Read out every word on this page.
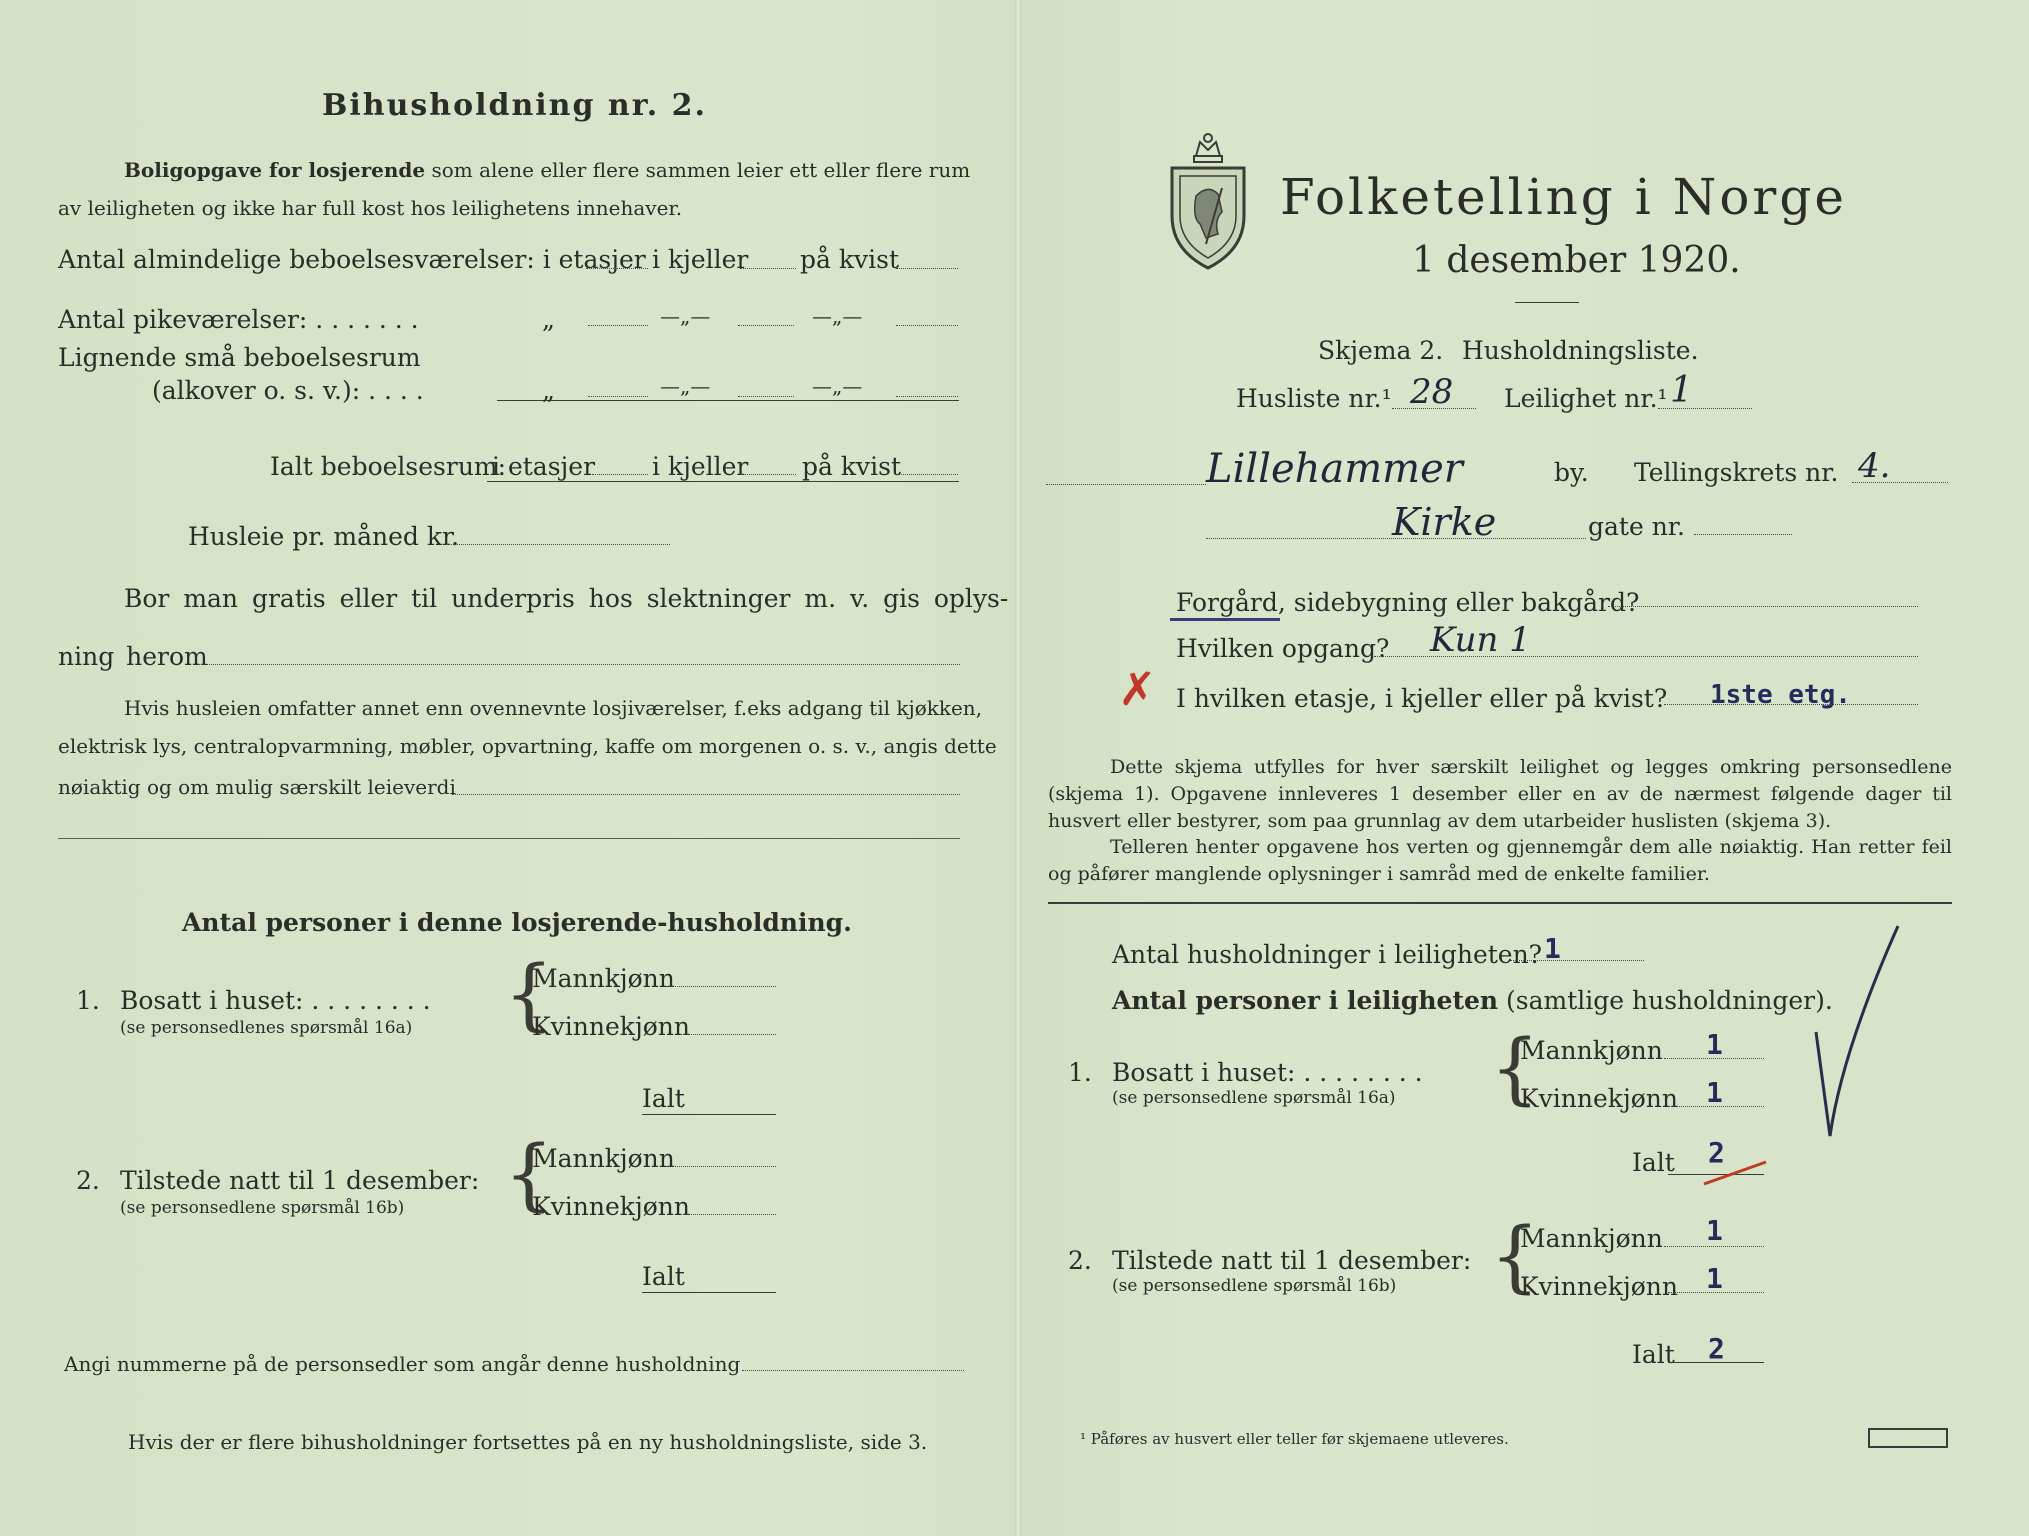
Bihusholdning nr. 2.
Boligopgave for losjerende som alene eller flere sammen leier ett eller flere rum
av leiligheten og ikke har full kost hos leilighetens innehaver.
Antal almindelige beboelsesværelser: i etasjer i kjeller på kvist
Antal pikeværelser: . . . . . . .	„	—„—	—„—
Lignende små beboelsesrum
(alkover o. s. v.): . . . .	„	—„—	—„—
Ialt beboelsesrum:
i etasjer i kjeller på kvist
Husleie pr. måned kr.
Bor man gratis eller til underpris hos slektninger m. v. gis oplys-
ning herom
Hvis husleien omfatter annet enn ovennevnte losjiværelser, f.eks adgang til kjøkken,
elektrisk lys, centralopvarmning, møbler, opvartning, kaffe om morgenen o. s. v., angis dette
nøiaktig og om mulig særskilt leieverdi
Antal personer i denne losjerende-husholdning.
1. Bosatt i huset: . . . . . . . .
(se personsedlenes spørsmål 16a) {
Mannkjønn
Kvinnekjønn
Ialt
2. Tilstede natt til 1 desember:
(se personsedlene spørsmål 16b) {
Mannkjønn
Kvinnekjønn
Ialt
Angi nummerne på de personsedler som angår denne husholdning
Hvis der er flere bihusholdninger fortsettes på en ny husholdningsliste, side 3.
Folketelling i Norge
1 desember 1920.
Skjema 2. Husholdningsliste.
Husliste nr.¹ 28 Leilighet nr.¹ 1
Lillehammer	by. Tellingskrets nr. 4.
Kirke	gate nr.
Forgård, sidebygning eller bakgård?
Hvilken opgang? Kun 1
✗ I hvilken etasje, i kjeller eller på kvist? 1ste etg.
Dette skjema utfylles for hver særskilt leilighet og legges omkring personsedlene (skjema 1). Opgavene innleveres 1 desember eller en av de nærmest følgende dager til husvert eller bestyrer, som paa grunnlag av dem utarbeider huslisten (skjema 3).
Telleren henter opgavene hos verten og gjennemgår dem alle nøiaktig. Han retter feil og påfører manglende oplysninger i samråd med de enkelte familier.
Antal husholdninger i leiligheten? 1
Antal personer i leiligheten (samtlige husholdninger).
1. Bosatt i huset: . . . . . . . .
(se personsedlene spørsmål 16a) {
Mannkjønn 1
Kvinnekjønn 1
Ialt 2
2. Tilstede natt til 1 desember:
(se personsedlene spørsmål 16b) {
Mannkjønn 1
Kvinnekjønn 1
Ialt 2
¹ Påføres av husvert eller teller før skjemaene utleveres.
